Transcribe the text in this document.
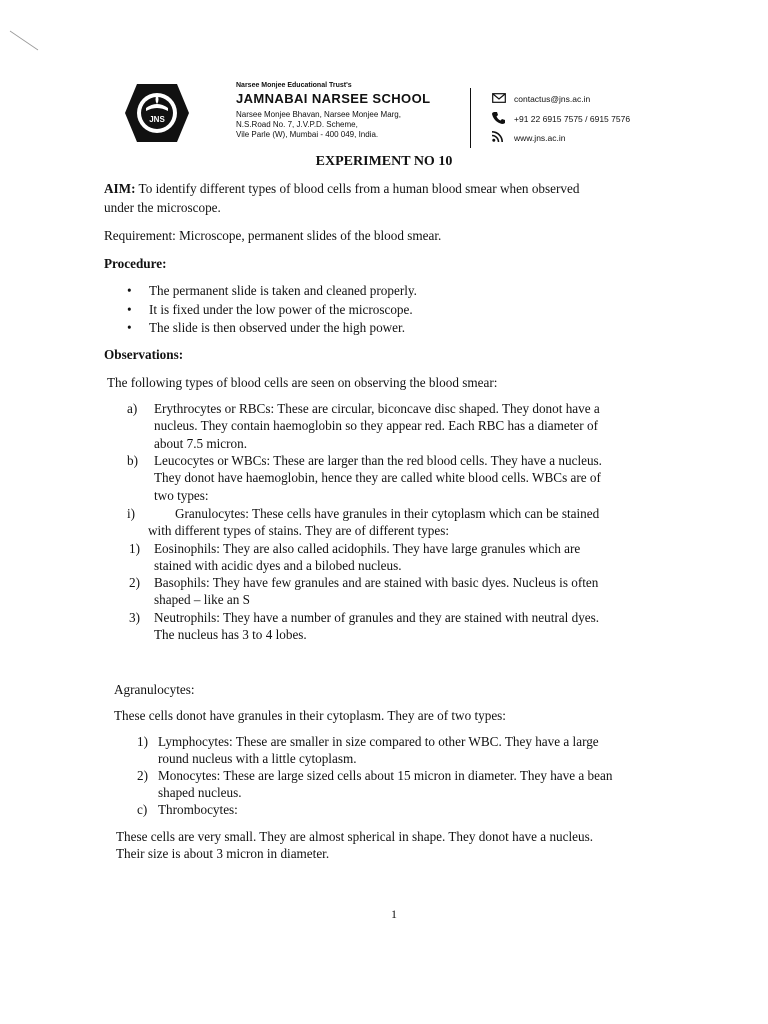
JNS
Narsee Monjee Educational Trust's
JAMNABAI NARSEE SCHOOL
Narsee Monjee Bhavan, Narsee Monjee Marg,
N.S.Road No. 7, J.V.P.D. Scheme,
Vile Parle (W), Mumbai - 400 049, India.
contactus@jns.ac.in
+91 22 6915 7575 / 6915 7576
www.jns.ac.in
EXPERIMENT NO 10
AIM: To identify different types of blood cells from a human blood smear when observed
under the microscope.
Requirement: Microscope, permanent slides of the blood smear.
Procedure:
• The permanent slide is taken and cleaned properly.
• It is fixed under the low power of the microscope.
• The slide is then observed under the high power.
Observations:
The following types of blood cells are seen on observing the blood smear:
a) Erythrocytes or RBCs: These are circular, biconcave disc shaped. They donot have a
nucleus. They contain haemoglobin so they appear red. Each RBC has a diameter of
about 7.5 micron.
b) Leucocytes or WBCs: These are larger than the red blood cells. They have a nucleus.
They donot have haemoglobin, hence they are called white blood cells. WBCs are of
two types:
i)	Granulocytes: These cells have granules in their cytoplasm which can be stained
with different types of stains. They are of different types:
1) Eosinophils: They are also called acidophils. They have large granules which are
stained with acidic dyes and a bilobed nucleus.
2) Basophils: They have few granules and are stained with basic dyes. Nucleus is often
shaped – like an S
3) Neutrophils: They have a number of granules and they are stained with neutral dyes.
The nucleus has 3 to 4 lobes.
Agranulocytes:
These cells donot have granules in their cytoplasm. They are of two types:
1) Lymphocytes: These are smaller in size compared to other WBC. They have a large
round nucleus with a little cytoplasm.
2) Monocytes: These are large sized cells about 15 micron in diameter. They have a bean
shaped nucleus.
c) Thrombocytes:
These cells are very small. They are almost spherical in shape. They donot have a nucleus.
Their size is about 3 micron in diameter.
1
